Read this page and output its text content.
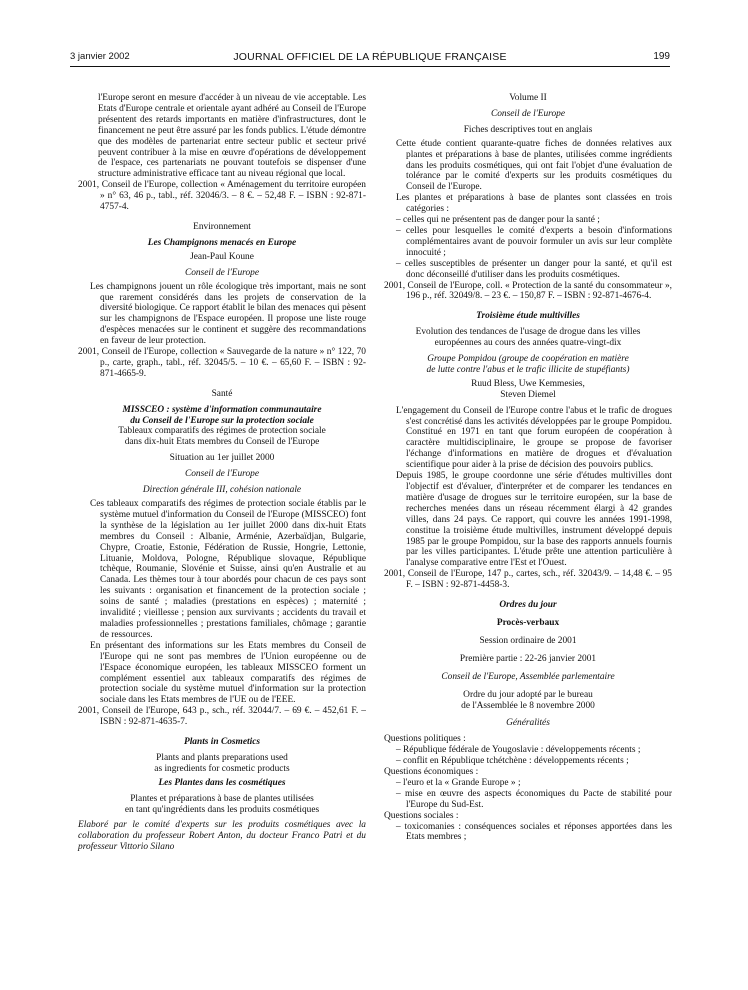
3 janvier 2002	JOURNAL OFFICIEL DE LA RÉPUBLIQUE FRANÇAISE	199

l'Europe seront en mesure d'accéder à un niveau de vie acceptable. Les Etats d'Europe centrale et orientale ayant adhéré au Conseil de l'Europe présentent des retards importants en matière d'infrastructures, dont le financement ne peut être assuré par les fonds publics. L'étude démontre que des modèles de partenariat entre secteur public et secteur privé peuvent contribuer à la mise en œuvre d'opérations de développement de l'espace, ces partenariats ne pouvant toutefois se dispenser d'une structure administrative efficace tant au niveau régional que local.

2001, Conseil de l'Europe, collection « Aménagement du territoire européen » n° 63, 46 p., tabl., réf. 32046/3. – 8 €. – 52,48 F. – ISBN : 92-871-4757-4.

Environnement

Les Champignons menacés en Europe

Jean-Paul Koune

Conseil de l'Europe

Les champignons jouent un rôle écologique très important, mais ne sont que rarement considérés dans les projets de conservation de la diversité biologique. Ce rapport établit le bilan des menaces qui pèsent sur les champignons de l'Espace européen. Il propose une liste rouge d'espèces menacées sur le continent et suggère des recommandations en faveur de leur protection.

2001, Conseil de l'Europe, collection « Sauvegarde de la nature » n° 122, 70 p., carte, graph., tabl., réf. 32045/5. – 10 €. – 65,60 F. – ISBN : 92-871-4665-9.

Santé

MISSCEO : système d'information communautaire

du Conseil de l'Europe sur la protection sociale

Tableaux comparatifs des régimes de protection sociale

dans dix-huit Etats membres du Conseil de l'Europe

Situation au 1er juillet 2000

Conseil de l'Europe

Direction générale III, cohésion nationale

Ces tableaux comparatifs des régimes de protection sociale établis par le système mutuel d'information du Conseil de l'Europe (MISSCEO) font la synthèse de la législation au 1er juillet 2000 dans dix-huit Etats membres du Conseil : Albanie, Arménie, Azerbaïdjan, Bulgarie, Chypre, Croatie, Estonie, Fédération de Russie, Hongrie, Lettonie, Lituanie, Moldova, Pologne, République slovaque, République tchèque, Roumanie, Slovénie et Suisse, ainsi qu'en Australie et au Canada. Les thèmes tour à tour abordés pour chacun de ces pays sont les suivants : organisation et financement de la protection sociale ; soins de santé ; maladies (prestations en espèces) ; maternité ; invalidité ; vieillesse ; pension aux survivants ; accidents du travail et maladies professionnelles ; prestations familiales, chômage ; garantie de ressources.

En présentant des informations sur les Etats membres du Conseil de l'Europe qui ne sont pas membres de l'Union européenne ou de l'Espace économique européen, les tableaux MISSCEO forment un complément essentiel aux tableaux comparatifs des régimes de protection sociale du système mutuel d'information sur la protection sociale dans les Etats membres de l'UE ou de l'EEE.

2001, Conseil de l'Europe, 643 p., sch., réf. 32044/7. – 69 €. – 452,61 F. – ISBN : 92-871-4635-7.

Plants in Cosmetics

Plants and plants preparations used

as ingredients for cosmetic products

Les Plantes dans les cosmétiques

Plantes et préparations à base de plantes utilisées

en tant qu'ingrédients dans les produits cosmétiques

Elaboré par le comité d'experts sur les produits cosmétiques avec la collaboration du professeur Robert Anton, du docteur Franco Patri et du professeur Vittorio Silano

Volume II

Conseil de l'Europe

Fiches descriptives tout en anglais

Cette étude contient quarante-quatre fiches de données relatives aux plantes et préparations à base de plantes, utilisées comme ingrédients dans les produits cosmétiques, qui ont fait l'objet d'une évaluation de tolérance par le comité d'experts sur les produits cosmétiques du Conseil de l'Europe.

Les plantes et préparations à base de plantes sont classées en trois catégories :

– celles qui ne présentent pas de danger pour la santé ;

– celles pour lesquelles le comité d'experts a besoin d'informations complémentaires avant de pouvoir formuler un avis sur leur complète innocuité ;

– celles susceptibles de présenter un danger pour la santé, et qu'il est donc déconseillé d'utiliser dans les produits cosmétiques.

2001, Conseil de l'Europe, coll. « Protection de la santé du consommateur », 196 p., réf. 32049/8. – 23 €. – 150,87 F. – ISBN : 92-871-4676-4.

Troisième étude multivilles

Evolution des tendances de l'usage de drogue dans les villes

européennes au cours des années quatre-vingt-dix

Groupe Pompidou (groupe de coopération en matière

de lutte contre l'abus et le trafic illicite de stupéfiants)

Ruud Bless, Uwe Kemmesies,

Steven Diemel

L'engagement du Conseil de l'Europe contre l'abus et le trafic de drogues s'est concrétisé dans les activités développées par le groupe Pompidou. Constitué en 1971 en tant que forum européen de coopération à caractère multidisciplinaire, le groupe se propose de favoriser l'échange d'informations en matière de drogues et d'évaluation scientifique pour aider à la prise de décision des pouvoirs publics.

Depuis 1985, le groupe coordonne une série d'études multivilles dont l'objectif est d'évaluer, d'interpréter et de comparer les tendances en matière d'usage de drogues sur le territoire européen, sur la base de recherches menées dans un réseau récemment élargi à 42 grandes villes, dans 24 pays. Ce rapport, qui couvre les années 1991-1998, constitue la troisième étude multivilles, instrument développé depuis 1985 par le groupe Pompidou, sur la base des rapports annuels fournis par les villes participantes. L'étude prête une attention particulière à l'analyse comparative entre l'Est et l'Ouest.

2001, Conseil de l'Europe, 147 p., cartes, sch., réf. 32043/9. – 14,48 €. – 95 F. – ISBN : 92-871-4458-3.

Ordres du jour

Procès-verbaux

Session ordinaire de 2001

Première partie : 22-26 janvier 2001

Conseil de l'Europe, Assemblée parlementaire

Ordre du jour adopté par le bureau

de l'Assemblée le 8 novembre 2000

Généralités

Questions politiques :

– République fédérale de Yougoslavie : développements récents ;

– conflit en République tchétchène : développements récents ;

Questions économiques :

– l'euro et la « Grande Europe » ;

– mise en œuvre des aspects économiques du Pacte de stabilité pour l'Europe du Sud-Est.

Questions sociales :

– toxicomanies : conséquences sociales et réponses apportées dans les Etats membres ;
